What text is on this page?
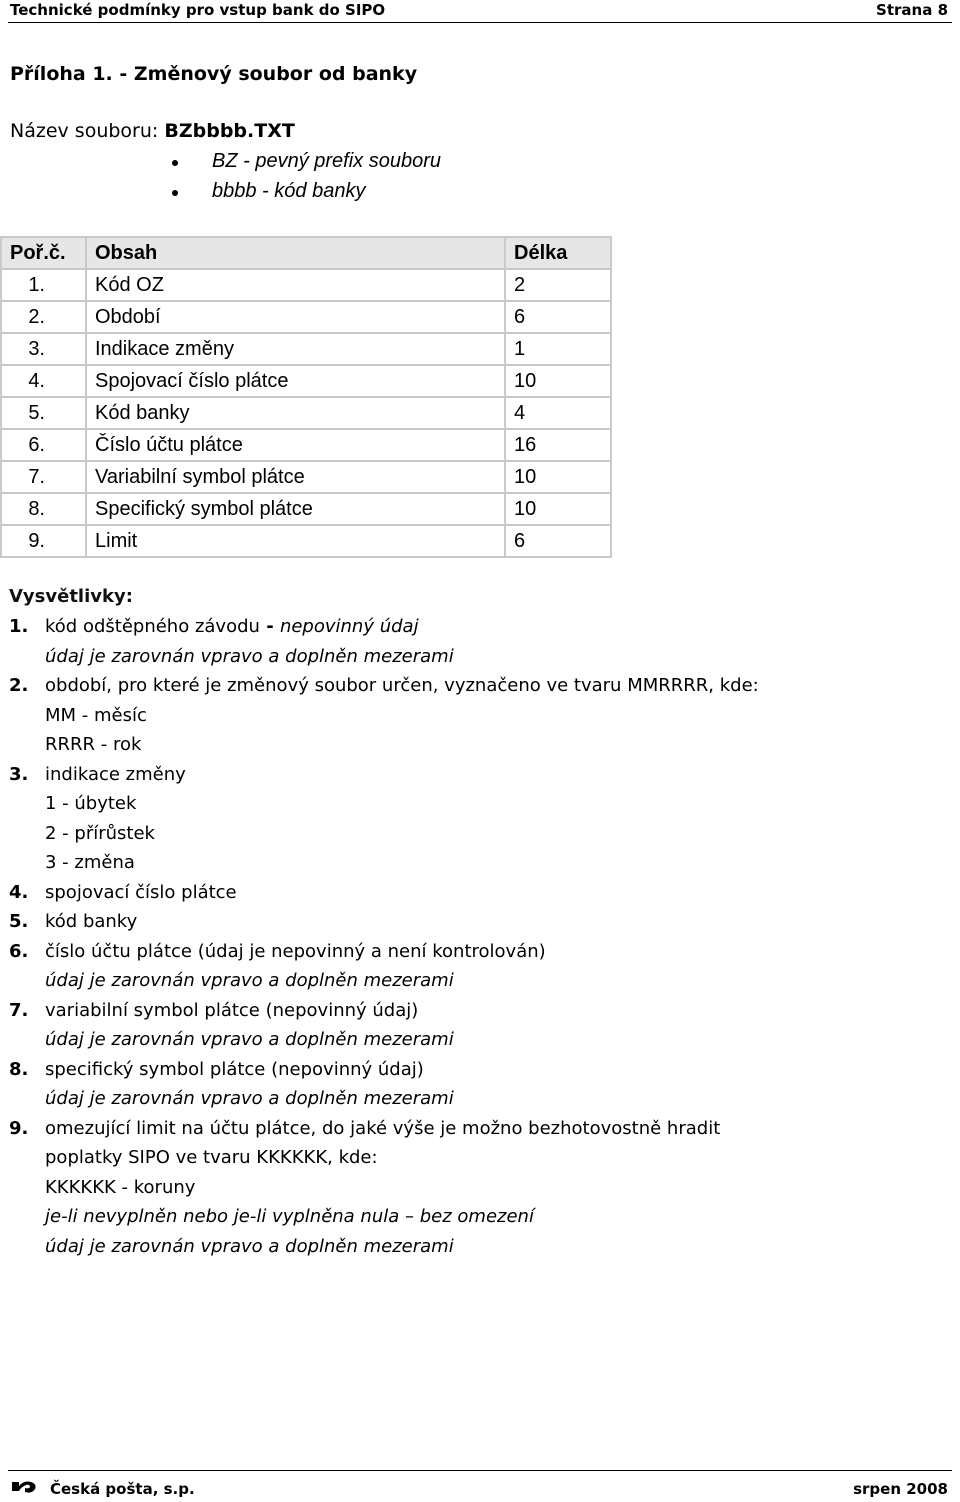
Technické podmínky pro vstup bank do SIPO	Strana 8
Příloha 1. - Změnový soubor od banky
Název souboru: BZbbbb.TXT
BZ - pevný prefix souboru
bbbb - kód banky
Poř.č.	Obsah	Délka
1.	Kód OZ	2
2.	Období	6
3.	Indikace změny	1
4.	Spojovací číslo plátce	10
5.	Kód banky	4
6.	Číslo účtu plátce	16
7.	Variabilní symbol plátce	10
8.	Specifický symbol plátce	10
9.	Limit	6
Vysvětlivky:
1. kód odštěpného závodu - nepovinný údaj
údaj je zarovnán vpravo a doplněn mezerami
2. období, pro které je změnový soubor určen, vyznačeno ve tvaru MMRRRR, kde:
MM - měsíc
RRRR - rok
3. indikace změny
1 - úbytek
2 - přírůstek
3 - změna
4. spojovací číslo plátce
5. kód banky
6. číslo účtu plátce (údaj je nepovinný a není kontrolován)
údaj je zarovnán vpravo a doplněn mezerami
7. variabilní symbol plátce (nepovinný údaj)
údaj je zarovnán vpravo a doplněn mezerami
8. specifický symbol plátce (nepovinný údaj)
údaj je zarovnán vpravo a doplněn mezerami
9. omezující limit na účtu plátce, do jaké výše je možno bezhotovostně hradit
poplatky SIPO ve tvaru KKKKKK, kde:
KKKKKK - koruny
je-li nevyplněn nebo je-li vyplněna nula – bez omezení
údaj je zarovnán vpravo a doplněn mezerami
Česká pošta, s.p.	srpen 2008
